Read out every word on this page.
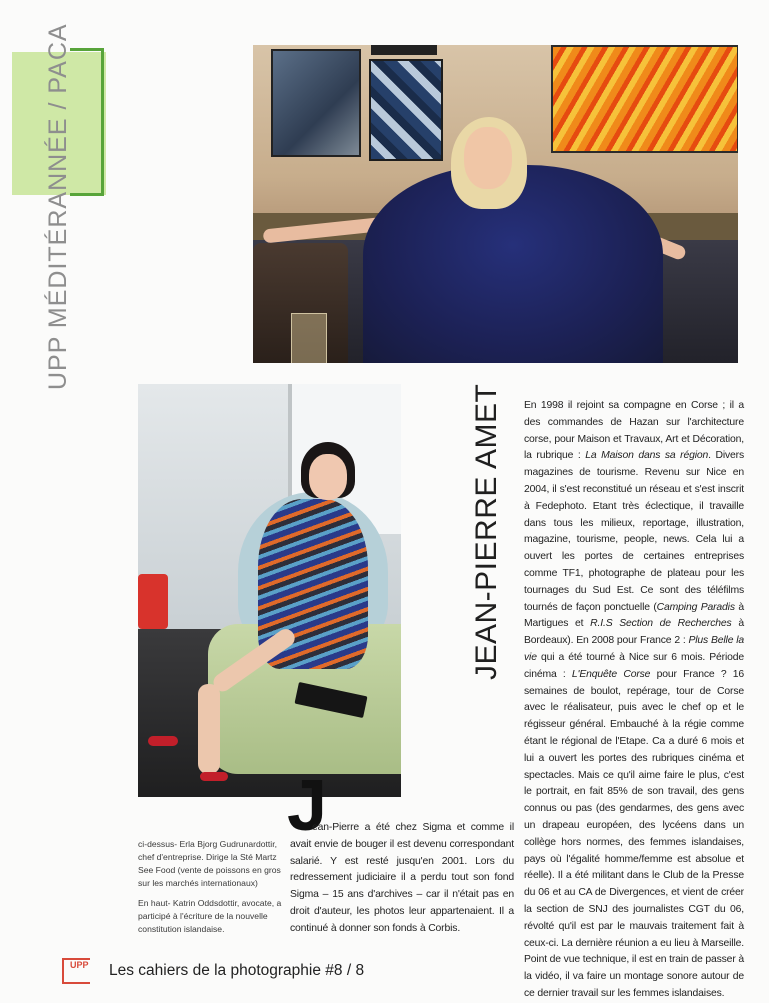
UPP MÉDITÉRANNÉE / PACA
JEAN-PIERRE AMET	En 1998 il rejoint sa compagne en Corse ; il a des commandes de Hazan sur l'architecture corse, pour Maison et Travaux, Art et Décoration, la rubrique : La Maison dans sa région. Divers magazines de tourisme. Revenu sur Nice en 2004, il s'est reconstitué un réseau et s'est inscrit à Fedephoto. Etant très éclectique, il travaille dans tous les milieux, reportage, illustration, magazine, tourisme, people, news. Cela lui a ouvert les portes de certaines entreprises comme TF1, photographe de plateau pour les tournages du Sud Est. Ce sont des téléfilms tournés de façon ponctuelle (Camping Paradis à Martigues et R.I.S Section de Recherches à Bordeaux). En 2008 pour France 2 : Plus Belle la vie qui a été tourné à Nice sur 6 mois. Période cinéma : L'Enquête Corse pour France ? 16 semaines de boulot, repérage, tour de Corse avec le réalisateur, puis avec le chef op et le régisseur général. Embauché à la régie comme étant le régional de l'Etape. Ca a duré 6 mois et lui a ouvert les portes des rubriques cinéma et spectacles. Mais ce qu'il aime faire le plus, c'est le portrait, en fait 85% de son travail, des gens connus ou pas (des gendarmes, des gens avec un drapeau européen, des lycéens dans un collège hors normes, des femmes islandaises, pays où l'égalité homme/femme est absolue et réelle). Il a été militant dans le Club de la Presse du 06 et au CA de Divergences, et vient de créer la section de SNJ des journalistes CGT du 06, révolté qu'il est par le mauvais traitement fait à ceux-ci. La dernière réunion a eu lieu à Marseille. Point de vue technique, il est en train de passer à la vidéo, il va faire un montage sonore autour de ce dernier travail sur les femmes islandaises.
J
ean-Pierre a été chez Sigma et comme il avait envie de bouger il est devenu correspondant salarié. Y est resté jusqu'en 2001. Lors du redressement judiciaire il a perdu tout son fond Sigma – 15 ans d'archives – car il n'était pas en droit d'auteur, les photos leur appartenaient. Il a continué à donner son fonds à Corbis.
ci-dessus- Erla Bjorg Gudrunardottir, chef d'entreprise. Dirige la Sté Martz See Food (vente de poissons en gros sur les marchés internationaux)
En haut- Katrin Oddsdottir, avocate, a participé à l'écriture de la nouvelle constitution islandaise.
UPP Les cahiers de la photographie #8 / 8
